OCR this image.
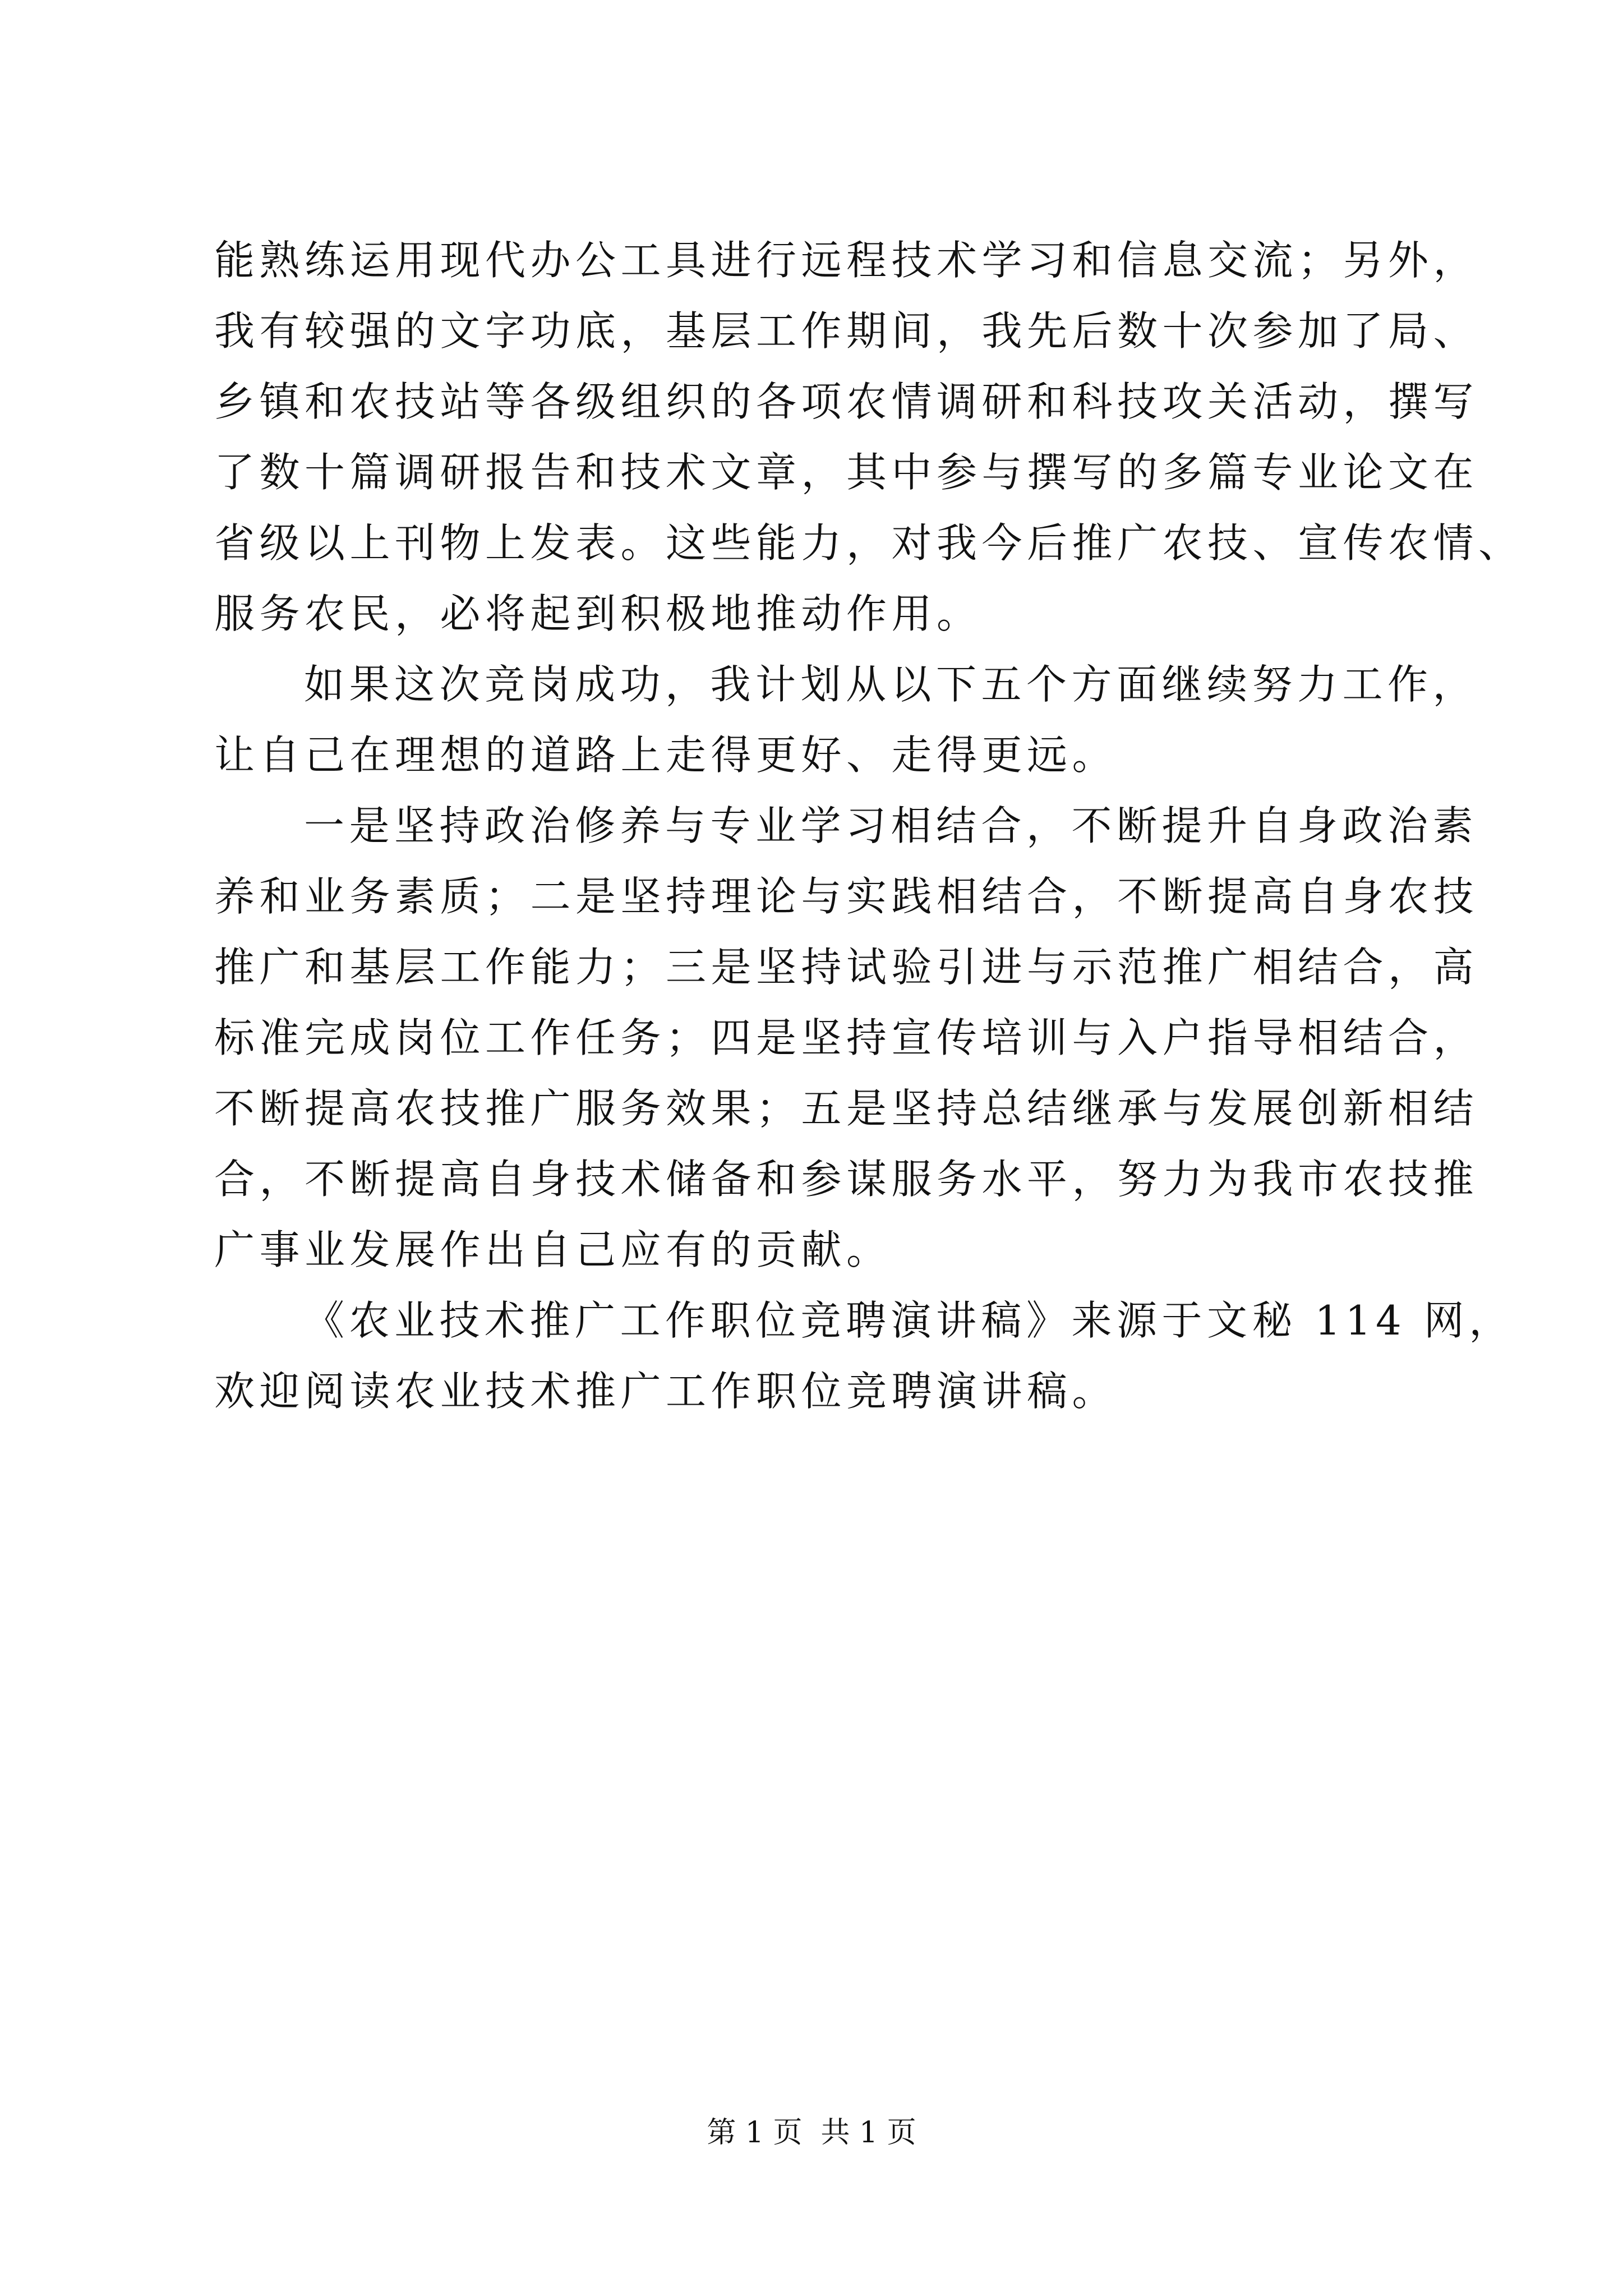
能熟练运用现代办公工具进行远程技术学习和信息交流；另外，
我有较强的文字功底，基层工作期间，我先后数十次参加了局、
乡镇和农技站等各级组织的各项农情调研和科技攻关活动，撰写
了数十篇调研报告和技术文章，其中参与撰写的多篇专业论文在
省级以上刊物上发表。这些能力，对我今后推广农技、宣传农情、
服务农民，必将起到积极地推动作用。
如果这次竞岗成功，我计划从以下五个方面继续努力工作，
让自己在理想的道路上走得更好、走得更远。
一是坚持政治修养与专业学习相结合，不断提升自身政治素
养和业务素质；二是坚持理论与实践相结合，不断提高自身农技
推广和基层工作能力；三是坚持试验引进与示范推广相结合，高
标准完成岗位工作任务；四是坚持宣传培训与入户指导相结合，
不断提高农技推广服务效果；五是坚持总结继承与发展创新相结
合，不断提高自身技术储备和参谋服务水平，努力为我市农技推
广事业发展作出自己应有的贡献。
《农业技术推广工作职位竞聘演讲稿》来源于文秘 114 网，
欢迎阅读农业技术推广工作职位竞聘演讲稿。
第 1 页  共 1 页
